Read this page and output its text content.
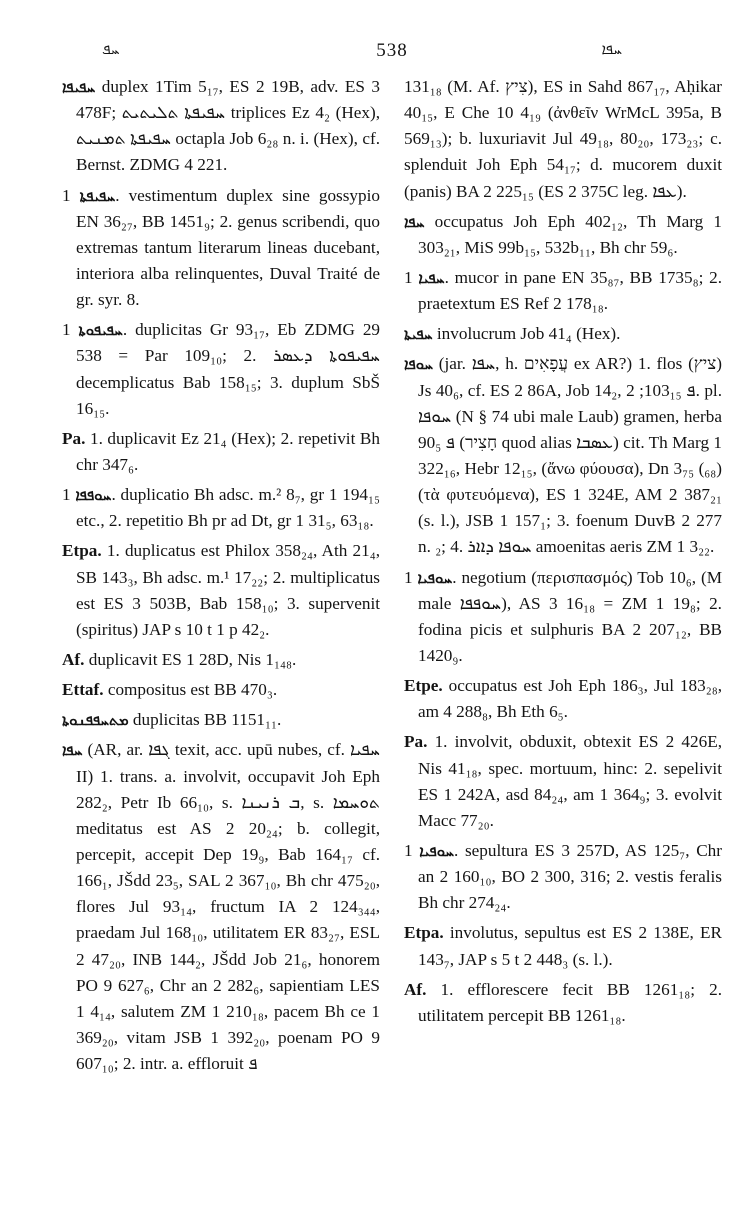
ܚܦ	538	ܚܦܐ

ܚܦܝܦܐ duplex 1Tim 5₁₇, ES 2 19B, adv. ES 3 478F; ܚܦܝܦܬܐ ܬܠܝܬܝܬ triplices Ez 4₂ (Hex), ܚܦܝܦܬܐ ܬܡܢܝܬ octapla Job 6₂₈ n. i. (Hex), cf. Bernst. ZDMG 4 221.

ܚܦܝܦܬܐ 1. vestimentum duplex sine gossypio EN 36₂₇, BB 1451₉; 2. genus scribendi, quo extremas tantum literarum lineas ducebant, interiora alba relinquentes, Duval Traité de gr. syr. 8.

ܚܦܝܦܘܬܐ 1. duplicitas Gr 93₁₇, Eb ZDMG 29 538 = Par 109₁₀; 2. ܚܦܝܦܘܬܐ ܕܥܣܪ decemplicatus Bab 158₁₅; 3. duplum SbŠ 16₁₅.

Pa. 1. duplicavit Ez 21₄ (Hex); 2. repetivit Bh chr 347₆.

ܚܘܦܦܐ 1. duplicatio Bh adsc. m.² 8₇, gr 1 194₁₅ etc., 2. repetitio Bh pr ad Dt, gr 1 31₅, 63₁₈.

Etpa. 1. duplicatus est Philox 358₂₄, Ath 21₄, SB 143₃, Bh adsc. m.¹ 17₂₂; 2. multiplicatus est ES 3 503B, Bab 158₁₀; 3. supervenit (spiritus) JAP s 10 t 1 p 42₂.

Af. duplicavit ES 1 28D, Nis 1₁₄₈.

Ettaf. compositus est BB 470₃.

ܡܬܚܦܦܢܘܬܐ duplicitas BB 1151₁₁.

ܚܦܐ (AR, ar. ܓܦܐ texit, acc. upū nubes, cf. ܚܦܝܐ II) 1. trans. a. involvit, occupavit Joh Eph 282₂, Petr Ib 66₁₀, s. ܒ ܪܢܝܢܐ, s. ܬܘܚܡܐ meditatus est AS 2 20₂₄; b. collegit, percepit, accepit Dep 19₉, Bab 164₁₇ cf. 166₁, JŠdd 23₅, SAL 2 367₁₀, Bh chr 475₂₀, flores Jul 93₁₄, fructum IA 2 124₃₄₄, praedam Jul 168₁₀, utilitatem ER 83₂₇, ESL 2 47₂₀, INB 144₂, JŠdd Job 21₆, honorem PO 9 627₆, Chr an 2 282₆, sapientiam LES 1 4₁₄, salutem ZM 1 210₁₈, pacem Bh ce 1 369₂₀, vitam JSB 1 392₂₀, poenam PO 9 607₁₀; 2. intr. a. effloruit ܦ

131₁₈ (M. Af. צִיץ), ES in Sahd 867₁₇, Aḥikar 40₁₅, E Che 10 4₁₉ (ἀνθεῖν WrMcL 395a, B 569₁₃); b. luxuriavit Jul 49₁₈, 80₂₀, 173₂₃; c. splenduit Joh Eph 54₁₇; d. mucorem duxit (panis) BA 2 225₁₅ (ES 2 375C leg. ܥܦܐ).

ܚܦܐ occupatus Joh Eph 402₁₂, Th Marg 1 303₂₁, MiS 99b₁₅, 532b₁₁, Bh chr 59₆.

ܚܦܝܐ 1. mucor in pane EN 35₈₇, BB 1735₈; 2. praetextum ES Ref 2 178₁₈.

ܚܦܝܬܐ involucrum Job 41₄ (Hex).

ܚܘܦܐ (jar. ܚܦܐ, h. עֲפָאִים ex AR?) 1. flos (ציץ) Js 40₆, cf. ES 2 86A, Job 14₂, ܦ 103₁₅; 2. pl. ܚܘܦܐ (N § 74 ubi male Laub) gramen, herba ܦ 90₅ (חָצִיר quod alias ܥܣܒܐ) cit. Th Marg 1 322₁₆, Hebr 12₁₅, (ἄνω φύουσα), Dn 3₇₅ (₆₈) (τὰ φυτευόμενα), ES 1 324E, AM 2 387₂₁ (s. l.), JSB 1 157₁; 3. foenum DuvB 2 277 n. ₂; 4. ܚܘܦܐ ܕܐܐܪ amoenitas aeris ZM 1 3₂₂.

ܚܘܦܝܐ 1. negotium (περισπασμός) Tob 10₆, (M male ܚܘܦܦܐ), AS 3 16₁₈ = ZM 1 19₈; 2. fodina picis et sulphuris BA 2 207₁₂, BB 1420₉.

Etpe. occupatus est Joh Eph 186₃, Jul 183₂₈, am 4 288₈, Bh Eth 6₅.

Pa. 1. involvit, obduxit, obtexit ES 2 426E, Nis 41₁₈, spec. mortuum, hinc: 2. sepelivit ES 1 242A, asd 84₂₄, am 1 364₉; 3. evolvit Macc 77₂₀.

ܚܘܦܝܐ 1. sepultura ES 3 257D, AS 125₇, Chr an 2 160₁₀, BO 2 300, 316; 2. vestis feralis Bh chr 274₂₄.

Etpa. involutus, sepultus est ES 2 138E, ER 143₇, JAP s 5 t 2 448₃ (s. l.).

Af. 1. efflorescere fecit BB 1261₁₈; 2. utilitatem percepit BB 1261₁₈.
